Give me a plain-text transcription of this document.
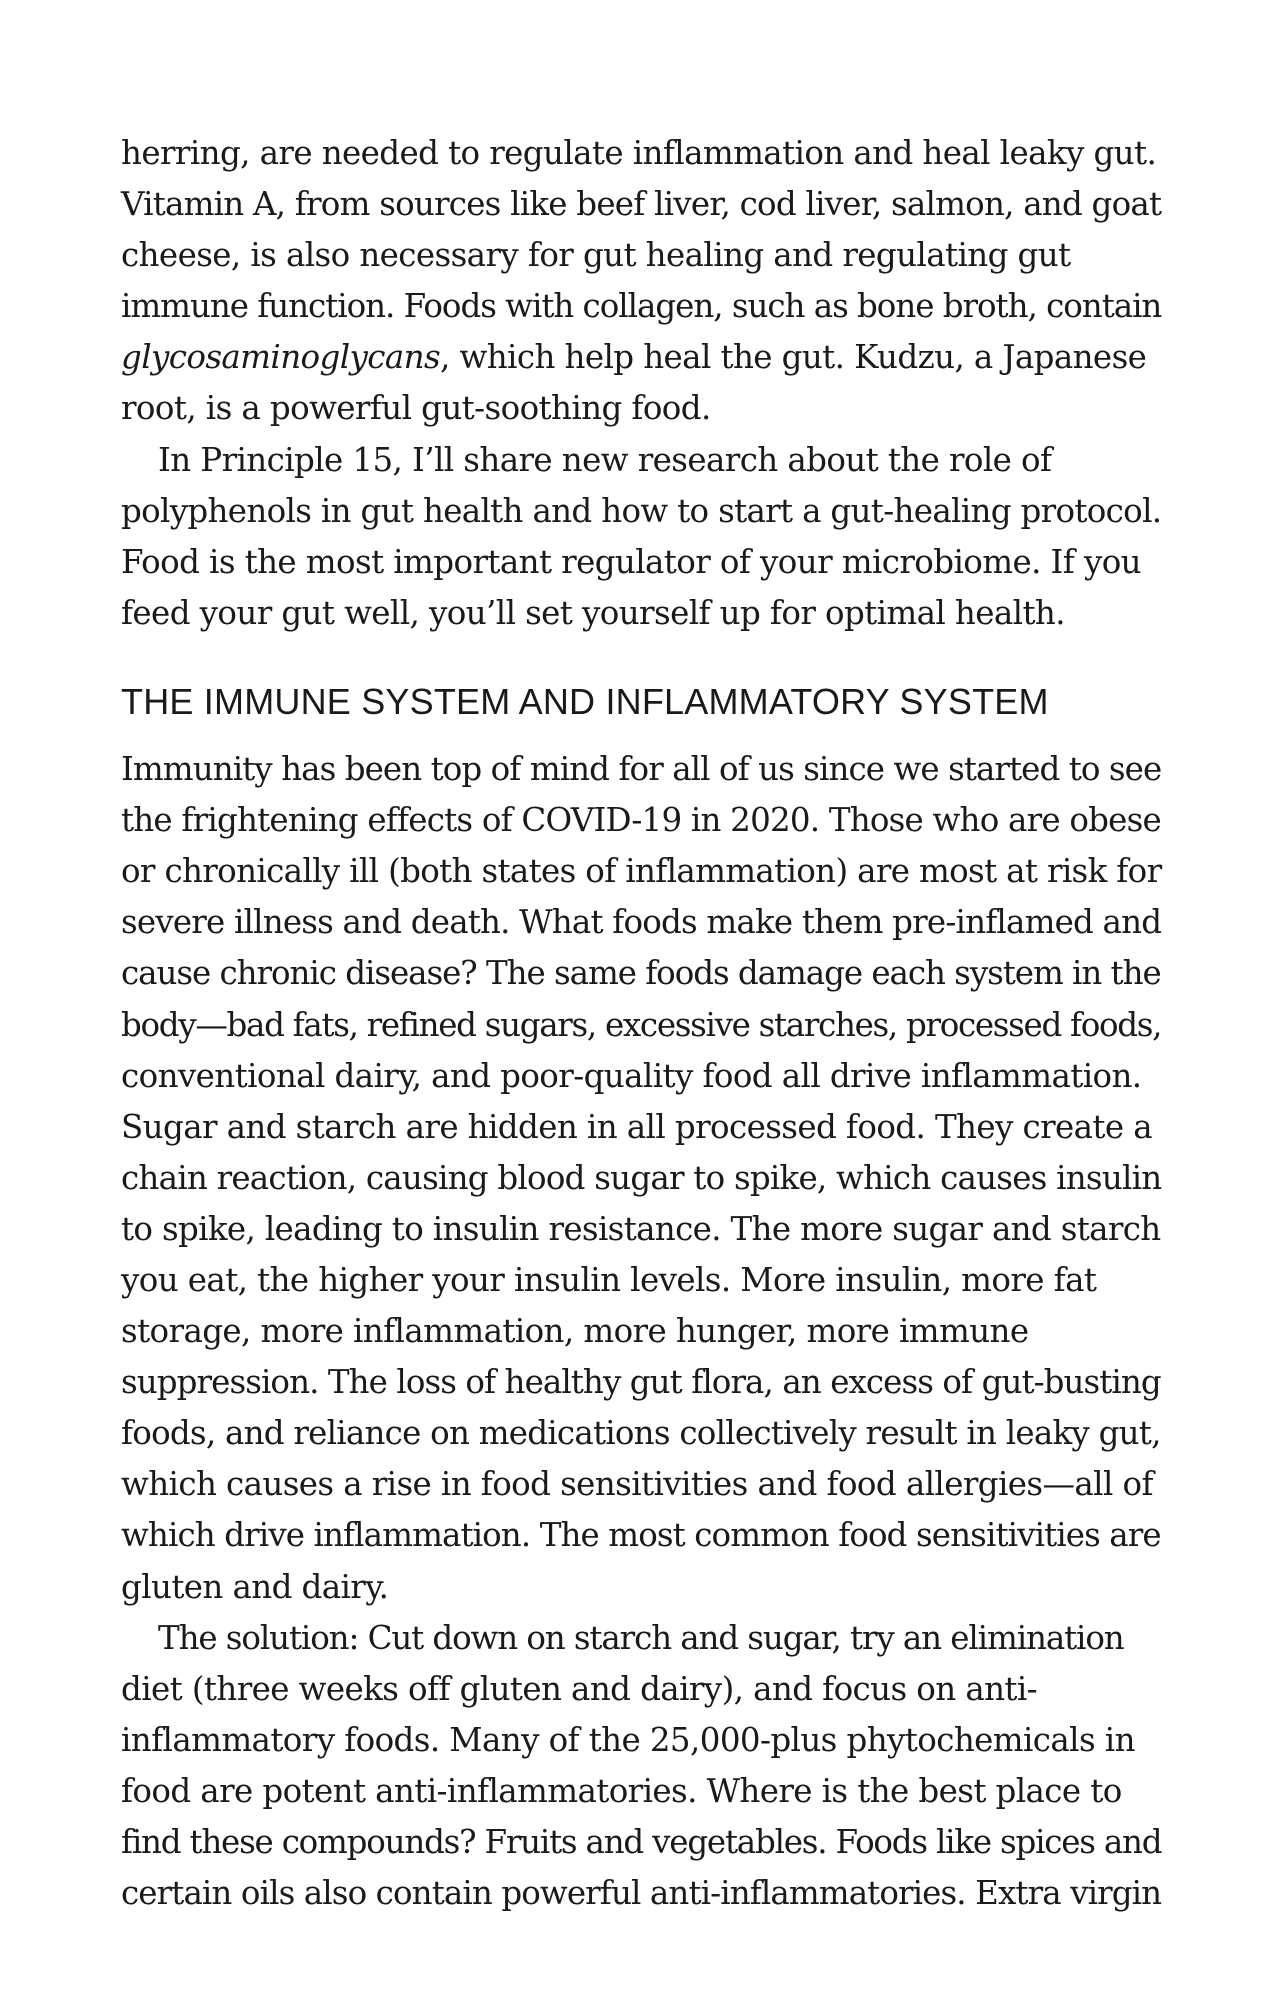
herring, are needed to regulate inflammation and heal leaky gut.
Vitamin A, from sources like beef liver, cod liver, salmon, and goat
cheese, is also necessary for gut healing and regulating gut
immune function. Foods with collagen, such as bone broth, contain
glycosaminoglycans, which help heal the gut. Kudzu, a Japanese
root, is a powerful gut-soothing food.

In Principle 15, I’ll share new research about the role of
polyphenols in gut health and how to start a gut-healing protocol.
Food is the most important regulator of your microbiome. If you
feed your gut well, you’ll set yourself up for optimal health.

THE IMMUNE SYSTEM AND INFLAMMATORY SYSTEM

Immunity has been top of mind for all of us since we started to see
the frightening effects of COVID-19 in 2020. Those who are obese
or chronically ill (both states of inflammation) are most at risk for
severe illness and death. What foods make them pre-inflamed and
cause chronic disease? The same foods damage each system in the
body—bad fats, refined sugars, excessive starches, processed foods,
conventional dairy, and poor-quality food all drive inflammation.
Sugar and starch are hidden in all processed food. They create a
chain reaction, causing blood sugar to spike, which causes insulin
to spike, leading to insulin resistance. The more sugar and starch
you eat, the higher your insulin levels. More insulin, more fat
storage, more inflammation, more hunger, more immune
suppression. The loss of healthy gut flora, an excess of gut-busting
foods, and reliance on medications collectively result in leaky gut,
which causes a rise in food sensitivities and food allergies—all of
which drive inflammation. The most common food sensitivities are
gluten and dairy.

The solution: Cut down on starch and sugar, try an elimination
diet (three weeks off gluten and dairy), and focus on anti-
inflammatory foods. Many of the 25,000-plus phytochemicals in
food are potent anti-inflammatories. Where is the best place to
find these compounds? Fruits and vegetables. Foods like spices and
certain oils also contain powerful anti-inflammatories. Extra virgin
